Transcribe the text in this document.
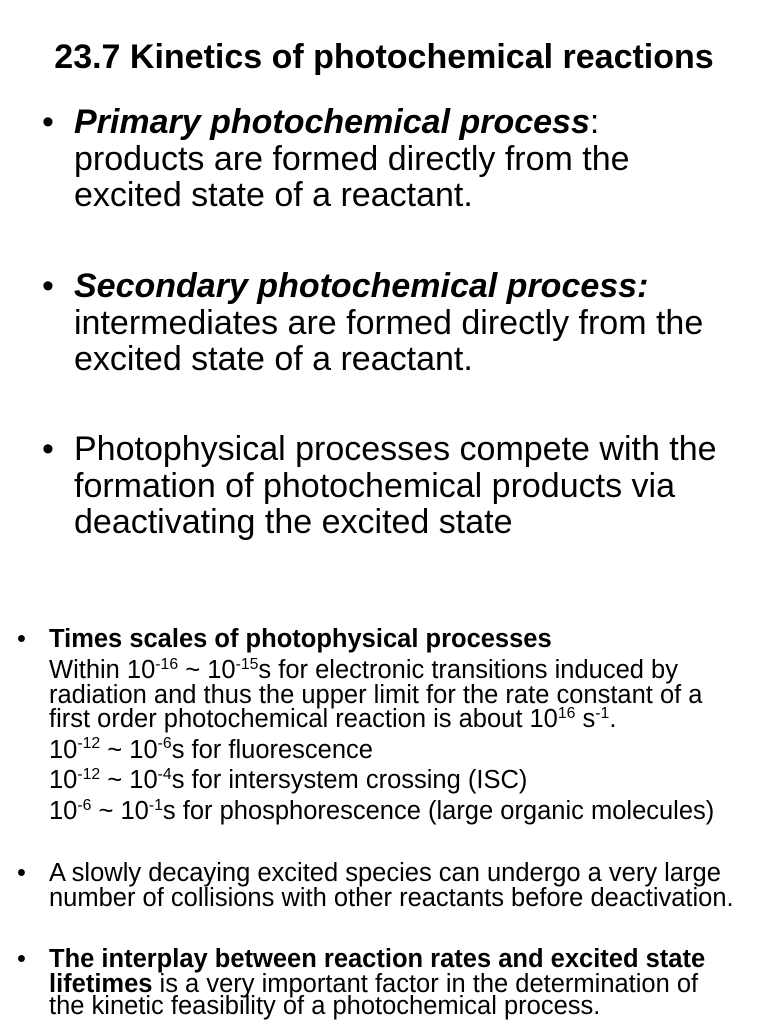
23.7 Kinetics of photochemical reactions
• Primary photochemical process:
products are formed directly from the
excited state of a reactant.
• Secondary photochemical process:
intermediates are formed directly from the
excited state of a reactant.
• Photophysical processes compete with the
formation of photochemical products via
deactivating the excited state
• Times scales of photophysical processes
Within $10^{-16}$ ~ $10^{-15}s$ for electronic transitions induced by
radiation and thus the upper limit for the rate constant of a
first order photochemical reaction is about $10^{16}$ $s^{-1}$.
$10^{-12}$ ~ $10^{-6}s$ for fluorescence
$10^{-12}$ ~ $10^{-4}s$ for intersystem crossing (ISC)
$10^{-6}$ ~ $10^{-1}s$ for phosphorescence (large organic molecules)
• A slowly decaying excited species can undergo a very large
number of collisions with other reactants before deactivation.
• The interplay between reaction rates and excited state
lifetimes is a very important factor in the determination of
the kinetic feasibility of a photochemical process.
